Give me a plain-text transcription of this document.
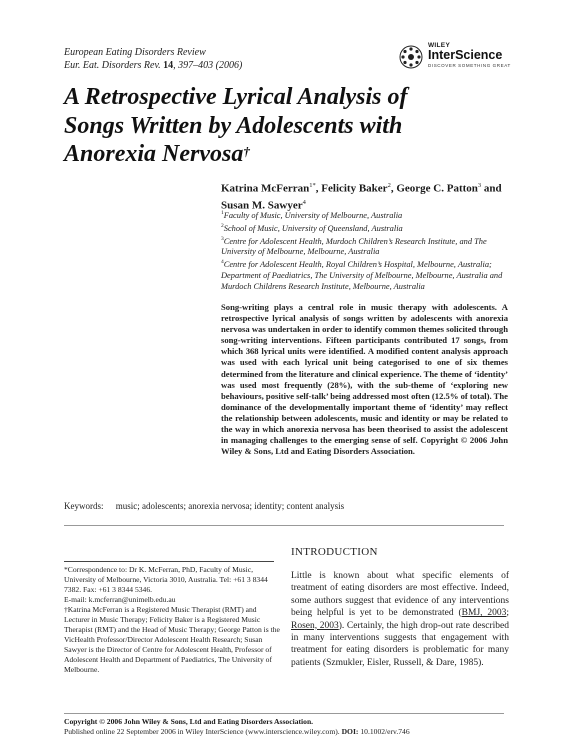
European Eating Disorders Review
Eur. Eat. Disorders Rev. 14, 397–403 (2006)
WILEY
InterScience
DISCOVER SOMETHING GREAT
A Retrospective Lyrical Analysis of
Songs Written by Adolescents with
Anorexia Nervosa†
Katrina McFerran$^{1*}$, Felicity Baker$^2$, George C. Patton$^3$ and Susan M. Sawyer$^4$
$^1$Faculty of Music, University of Melbourne, Australia
$^2$School of Music, University of Queensland, Australia
$^3$Centre for Adolescent Health, Murdoch Children’s Research Institute, and The University of Melbourne, Melbourne, Australia
$^4$Centre for Adolescent Health, Royal Children’s Hospital, Melbourne, Australia; Department of Paediatrics, The University of Melbourne, Melbourne, Australia and Murdoch Childrens Research Institute, Melbourne, Australia
Song-writing plays a central role in music therapy with adolescents. A retrospective lyrical analysis of songs written by adolescents with anorexia nervosa was undertaken in order to identify common themes solicited through song-writing interventions. Fifteen participants contributed 17 songs, from which 368 lyrical units were identified. A modified content analysis approach was used with each lyrical unit being categorised to one of six themes determined from the literature and clinical experience. The theme of ‘identity’ was used most frequently (28%), with the sub-theme of ‘exploring new behaviours, positive self-talk’ being addressed most often (12.5% of total). The dominance of the developmentally important theme of ‘identity’ may reflect the relationship between adolescents, music and identity or may be related to the way in which anorexia nervosa has been theorised to assist the adolescent in managing challenges to the emerging sense of self. Copyright © 2006 John Wiley & Sons, Ltd and Eating Disorders Association.
Keywords: music; adolescents; anorexia nervosa; identity; content analysis
INTRODUCTION
*Correspondence to: Dr K. McFerran, PhD, Faculty of Music, University of Melbourne, Victoria 3010, Australia. Tel: +61 3 8344 7382. Fax: +61 3 8344 5346.
E-mail: k.mcferran@unimelb.edu.au
†Katrina McFerran is a Registered Music Therapist (RMT) and Lecturer in Music Therapy; Felicity Baker is a Registered Music Therapist (RMT) and the Head of Music Therapy; George Patton is the VicHealth Professor/Director Adolescent Health Research; Susan Sawyer is the Director of Centre for Adolescent Health, Professor of Adolescent Health and Department of Paediatrics, The University of Melbourne.
Little is known about what specific elements of treatment of eating disorders are most effective. Indeed, some authors suggest that evidence of any interventions being helpful is yet to be demonstrated (BMJ, 2003; Rosen, 2003). Certainly, the high drop-out rate described in many interventions suggests that engagement with treatment for eating disorders is problematic for many patients (Szmukler, Eisler, Russell, & Dare, 1985).
Copyright © 2006 John Wiley & Sons, Ltd and Eating Disorders Association.
Published online 22 September 2006 in Wiley InterScience (www.interscience.wiley.com). DOI: 10.1002/erv.746
